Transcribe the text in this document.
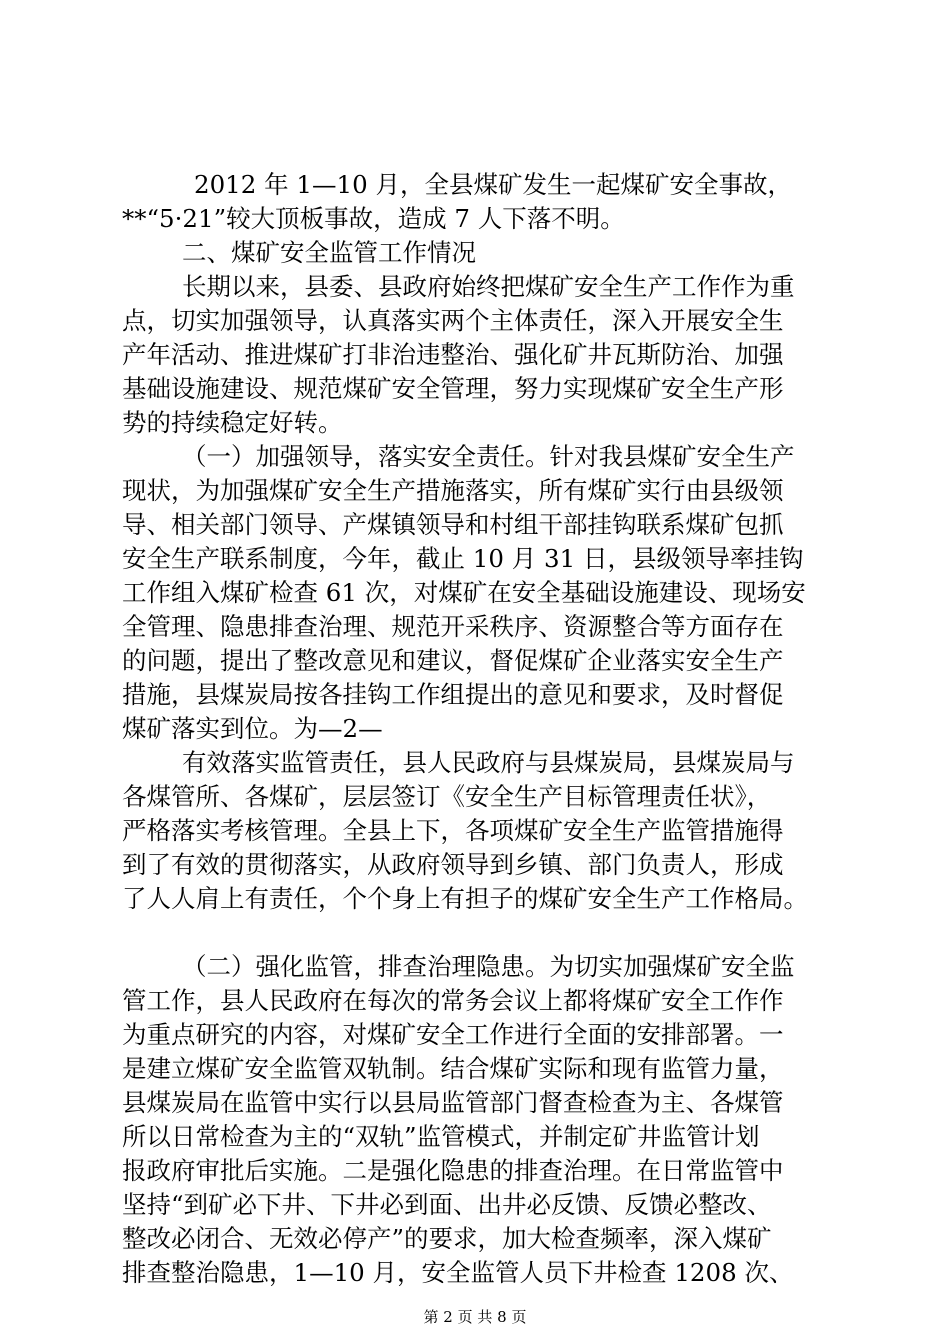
2012 年 1—10 月，全县煤矿发生一起煤矿安全事故，
**“5·21”较大顶板事故，造成 7 人下落不明。
二、煤矿安全监管工作情况
长期以来，县委、县政府始终把煤矿安全生产工作作为重
点，切实加强领导，认真落实两个主体责任，深入开展安全生
产年活动、推进煤矿打非治违整治、强化矿井瓦斯防治、加强
基础设施建设、规范煤矿安全管理，努力实现煤矿安全生产形
势的持续稳定好转。
（一）加强领导，落实安全责任。针对我县煤矿安全生产
现状，为加强煤矿安全生产措施落实，所有煤矿实行由县级领
导、相关部门领导、产煤镇领导和村组干部挂钩联系煤矿包抓
安全生产联系制度，今年，截止 10 月 31 日，县级领导率挂钩
工作组入煤矿检查 61 次，对煤矿在安全基础设施建设、现场安
全管理、隐患排查治理、规范开采秩序、资源整合等方面存在
的问题，提出了整改意见和建议，督促煤矿企业落实安全生产
措施，县煤炭局按各挂钩工作组提出的意见和要求，及时督促
煤矿落实到位。为—2—
有效落实监管责任，县人民政府与县煤炭局，县煤炭局与
各煤管所、各煤矿，层层签订《安全生产目标管理责任状》，
严格落实考核管理。全县上下，各项煤矿安全生产监管措施得
到了有效的贯彻落实，从政府领导到乡镇、部门负责人，形成
了人人肩上有责任，个个身上有担子的煤矿安全生产工作格局。
（二）强化监管，排查治理隐患。为切实加强煤矿安全监
管工作，县人民政府在每次的常务会议上都将煤矿安全工作作
为重点研究的内容，对煤矿安全工作进行全面的安排部署。一
是建立煤矿安全监管双轨制。结合煤矿实际和现有监管力量，
县煤炭局在监管中实行以县局监管部门督查检查为主、各煤管
所以日常检查为主的“双轨”监管模式，并制定矿井监管计划
报政府审批后实施。二是强化隐患的排查治理。在日常监管中
坚持“到矿必下井、下井必到面、出井必反馈、反馈必整改、
整改必闭合、无效必停产”的要求，加大检查频率，深入煤矿
排查整治隐患，1—10 月，安全监管人员下井检查 1208 次、
第 2 页 共 8 页
